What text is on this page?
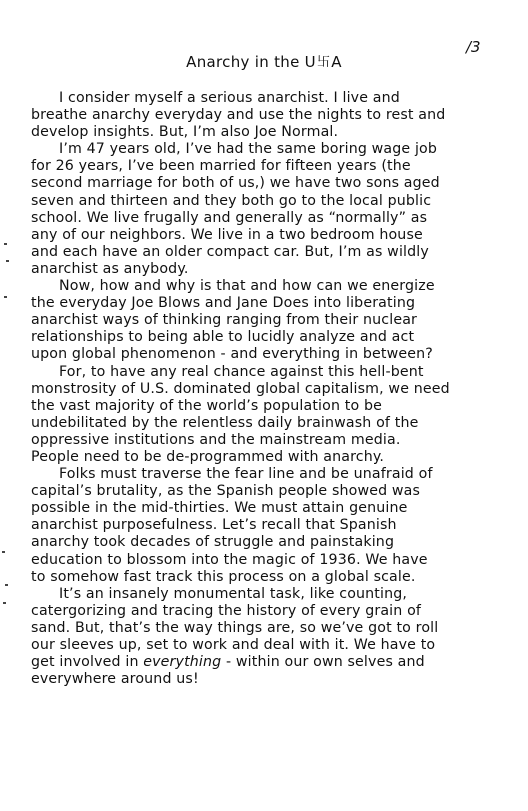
/3
Anarchy in the U卐A

I consider myself a serious anarchist. I live and
breathe anarchy everyday and use the nights to rest and
develop insights. But, I’m also Joe Normal.

I’m 47 years old, I’ve had the same boring wage job
for 26 years, I’ve been married for fifteen years (the
second marriage for both of us,) we have two sons aged
seven and thirteen and they both go to the local public
school. We live frugally and generally as “normally” as
any of our neighbors. We live in a two bedroom house
and each have an older compact car. But, I’m as wildly
anarchist as anybody.

Now, how and why is that and how can we energize
the everyday Joe Blows and Jane Does into liberating
anarchist ways of thinking ranging from their nuclear
relationships to being able to lucidly analyze and act
upon global phenomenon - and everything in between?

For, to have any real chance against this hell-bent
monstrosity of U.S. dominated global capitalism, we need
the vast majority of the world’s population to be
undebilitated by the relentless daily brainwash of the
oppressive institutions and the mainstream media.
People need to be de-programmed with anarchy.

Folks must traverse the fear line and be unafraid of
capital’s brutality, as the Spanish people showed was
possible in the mid-thirties. We must attain genuine
anarchist purposefulness. Let’s recall that Spanish
anarchy took decades of struggle and painstaking
education to blossom into the magic of 1936. We have
to somehow fast track this process on a global scale.

It’s an insanely monumental task, like counting,
catergorizing and tracing the history of every grain of
sand. But, that’s the way things are, so we’ve got to roll
our sleeves up, set to work and deal with it. We have to
get involved in everything - within our own selves and
everywhere around us!
